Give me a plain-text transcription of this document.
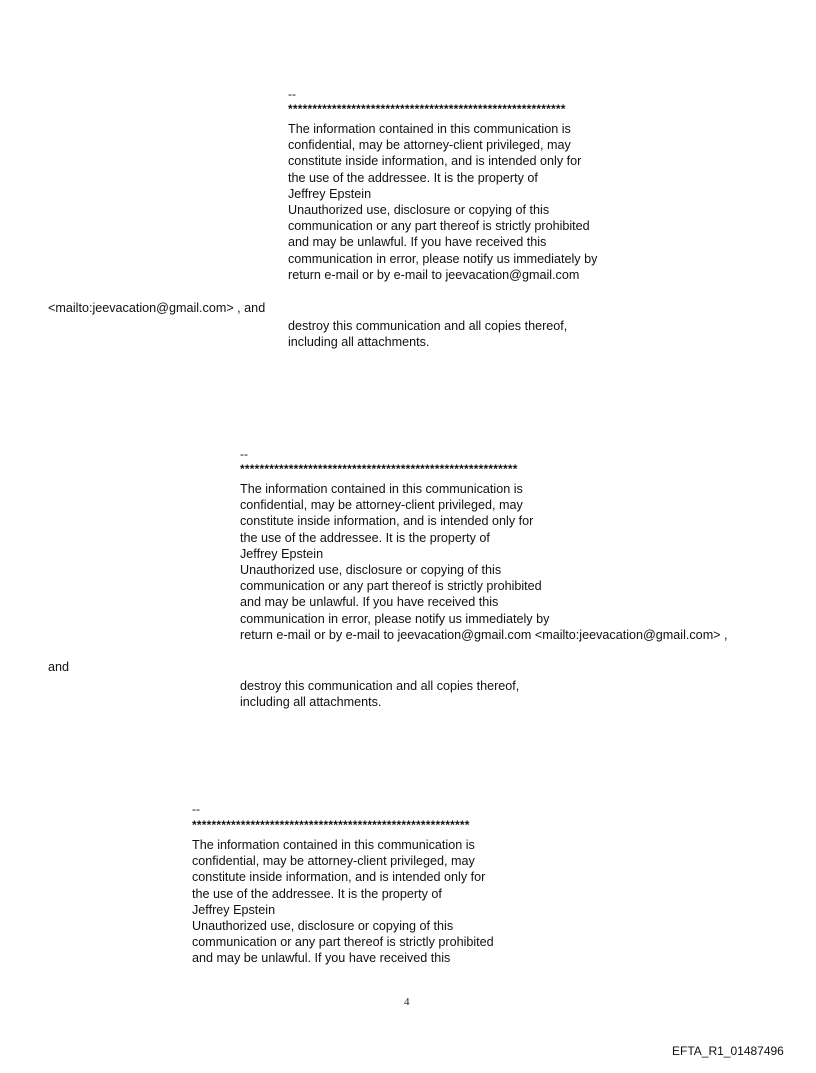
--
*********************************************************
The information contained in this communication is
confidential, may be attorney-client privileged, may
constitute inside information, and is intended only for
the use of the addressee. It is the property of
Jeffrey Epstein
Unauthorized use, disclosure or copying of this
communication or any part thereof is strictly prohibited
and may be unlawful. If you have received this
communication in error, please notify us immediately by
return e-mail or by e-mail to jeevacation@gmail.com
<mailto:jeevacation@gmail.com> , and
destroy this communication and all copies thereof,
including all attachments.
--
*********************************************************
The information contained in this communication is
confidential, may be attorney-client privileged, may
constitute inside information, and is intended only for
the use of the addressee. It is the property of
Jeffrey Epstein
Unauthorized use, disclosure or copying of this
communication or any part thereof is strictly prohibited
and may be unlawful. If you have received this
communication in error, please notify us immediately by
return e-mail or by e-mail to jeevacation@gmail.com <mailto:jeevacation@gmail.com> ,
and
destroy this communication and all copies thereof,
including all attachments.
--
*********************************************************
The information contained in this communication is
confidential, may be attorney-client privileged, may
constitute inside information, and is intended only for
the use of the addressee. It is the property of
Jeffrey Epstein
Unauthorized use, disclosure or copying of this
communication or any part thereof is strictly prohibited
and may be unlawful. If you have received this
4
EFTA_R1_01487496
